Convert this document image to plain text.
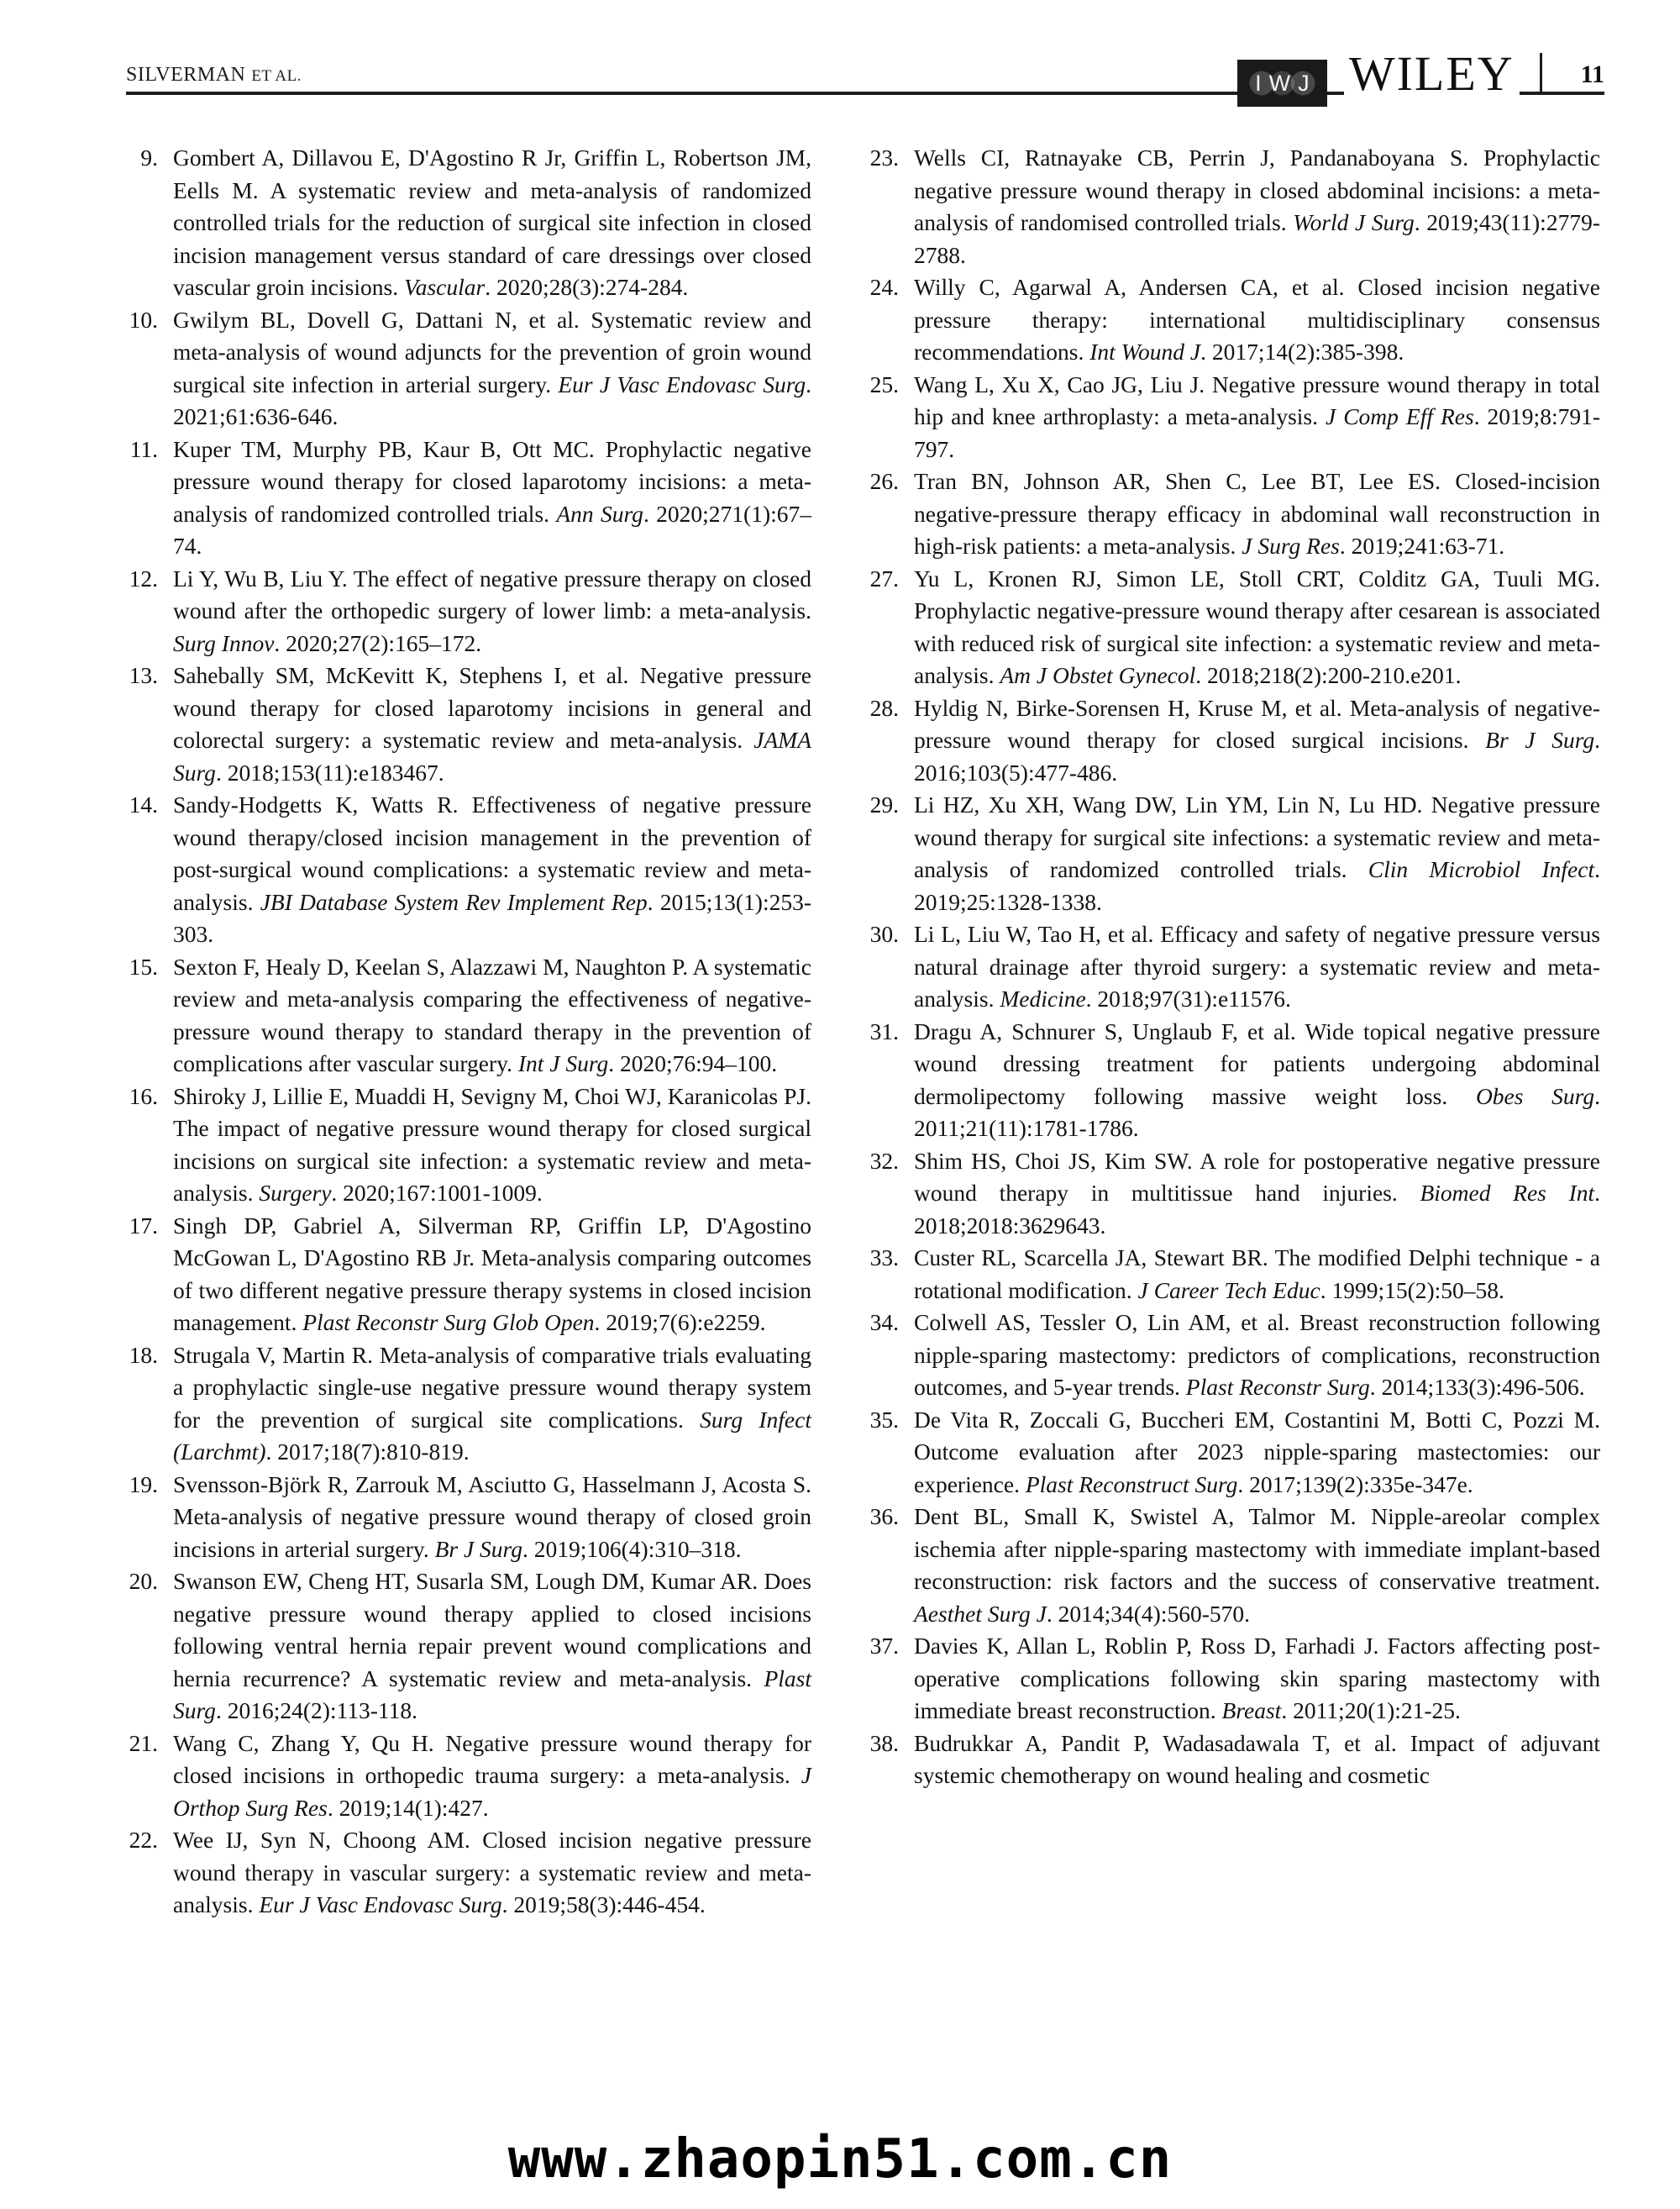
SILVERMAN ET AL.	IWJ WILEY	11
9. Gombert A, Dillavou E, D'Agostino R Jr, Griffin L, Robertson JM, Eells M. A systematic review and meta-analysis of randomized controlled trials for the reduction of surgical site infection in closed incision management versus standard of care dressings over closed vascular groin incisions. Vascular. 2020;28(3):274-284.
10. Gwilym BL, Dovell G, Dattani N, et al. Systematic review and meta-analysis of wound adjuncts for the prevention of groin wound surgical site infection in arterial surgery. Eur J Vasc Endovasc Surg. 2021;61:636-646.
11. Kuper TM, Murphy PB, Kaur B, Ott MC. Prophylactic negative pressure wound therapy for closed laparotomy incisions: a meta-analysis of randomized controlled trials. Ann Surg. 2020;271(1):67–74.
12. Li Y, Wu B, Liu Y. The effect of negative pressure therapy on closed wound after the orthopedic surgery of lower limb: a meta-analysis. Surg Innov. 2020;27(2):165–172.
13. Sahebally SM, McKevitt K, Stephens I, et al. Negative pressure wound therapy for closed laparotomy incisions in general and colorectal surgery: a systematic review and meta-analysis. JAMA Surg. 2018;153(11):e183467.
14. Sandy-Hodgetts K, Watts R. Effectiveness of negative pressure wound therapy/closed incision management in the prevention of post-surgical wound complications: a systematic review and meta-analysis. JBI Database System Rev Implement Rep. 2015;13(1):253-303.
15. Sexton F, Healy D, Keelan S, Alazzawi M, Naughton P. A systematic review and meta-analysis comparing the effectiveness of negative-pressure wound therapy to standard therapy in the prevention of complications after vascular surgery. Int J Surg. 2020;76:94–100.
16. Shiroky J, Lillie E, Muaddi H, Sevigny M, Choi WJ, Karanicolas PJ. The impact of negative pressure wound therapy for closed surgical incisions on surgical site infection: a systematic review and meta-analysis. Surgery. 2020;167:1001-1009.
17. Singh DP, Gabriel A, Silverman RP, Griffin LP, D'Agostino McGowan L, D'Agostino RB Jr. Meta-analysis comparing outcomes of two different negative pressure therapy systems in closed incision management. Plast Reconstr Surg Glob Open. 2019;7(6):e2259.
18. Strugala V, Martin R. Meta-analysis of comparative trials evaluating a prophylactic single-use negative pressure wound therapy system for the prevention of surgical site complications. Surg Infect (Larchmt). 2017;18(7):810-819.
19. Svensson-Björk R, Zarrouk M, Asciutto G, Hasselmann J, Acosta S. Meta-analysis of negative pressure wound therapy of closed groin incisions in arterial surgery. Br J Surg. 2019;106(4):310–318.
20. Swanson EW, Cheng HT, Susarla SM, Lough DM, Kumar AR. Does negative pressure wound therapy applied to closed incisions following ventral hernia repair prevent wound complications and hernia recurrence? A systematic review and meta-analysis. Plast Surg. 2016;24(2):113-118.
21. Wang C, Zhang Y, Qu H. Negative pressure wound therapy for closed incisions in orthopedic trauma surgery: a meta-analysis. J Orthop Surg Res. 2019;14(1):427.
22. Wee IJ, Syn N, Choong AM. Closed incision negative pressure wound therapy in vascular surgery: a systematic review and meta-analysis. Eur J Vasc Endovasc Surg. 2019;58(3):446-454.
23. Wells CI, Ratnayake CB, Perrin J, Pandanaboyana S. Prophylactic negative pressure wound therapy in closed abdominal incisions: a meta-analysis of randomised controlled trials. World J Surg. 2019;43(11):2779-2788.
24. Willy C, Agarwal A, Andersen CA, et al. Closed incision negative pressure therapy: international multidisciplinary consensus recommendations. Int Wound J. 2017;14(2):385-398.
25. Wang L, Xu X, Cao JG, Liu J. Negative pressure wound therapy in total hip and knee arthroplasty: a meta-analysis. J Comp Eff Res. 2019;8:791-797.
26. Tran BN, Johnson AR, Shen C, Lee BT, Lee ES. Closed-incision negative-pressure therapy efficacy in abdominal wall reconstruction in high-risk patients: a meta-analysis. J Surg Res. 2019;241:63-71.
27. Yu L, Kronen RJ, Simon LE, Stoll CRT, Colditz GA, Tuuli MG. Prophylactic negative-pressure wound therapy after cesarean is associated with reduced risk of surgical site infection: a systematic review and meta-analysis. Am J Obstet Gynecol. 2018;218(2):200-210.e201.
28. Hyldig N, Birke-Sorensen H, Kruse M, et al. Meta-analysis of negative-pressure wound therapy for closed surgical incisions. Br J Surg. 2016;103(5):477-486.
29. Li HZ, Xu XH, Wang DW, Lin YM, Lin N, Lu HD. Negative pressure wound therapy for surgical site infections: a systematic review and meta-analysis of randomized controlled trials. Clin Microbiol Infect. 2019;25:1328-1338.
30. Li L, Liu W, Tao H, et al. Efficacy and safety of negative pressure versus natural drainage after thyroid surgery: a systematic review and meta-analysis. Medicine. 2018;97(31):e11576.
31. Dragu A, Schnurer S, Unglaub F, et al. Wide topical negative pressure wound dressing treatment for patients undergoing abdominal dermolipectomy following massive weight loss. Obes Surg. 2011;21(11):1781-1786.
32. Shim HS, Choi JS, Kim SW. A role for postoperative negative pressure wound therapy in multitissue hand injuries. Biomed Res Int. 2018;2018:3629643.
33. Custer RL, Scarcella JA, Stewart BR. The modified Delphi technique - a rotational modification. J Career Tech Educ. 1999;15(2):50–58.
34. Colwell AS, Tessler O, Lin AM, et al. Breast reconstruction following nipple-sparing mastectomy: predictors of complications, reconstruction outcomes, and 5-year trends. Plast Reconstr Surg. 2014;133(3):496-506.
35. De Vita R, Zoccali G, Buccheri EM, Costantini M, Botti C, Pozzi M. Outcome evaluation after 2023 nipple-sparing mastectomies: our experience. Plast Reconstruct Surg. 2017;139(2):335e-347e.
36. Dent BL, Small K, Swistel A, Talmor M. Nipple-areolar complex ischemia after nipple-sparing mastectomy with immediate implant-based reconstruction: risk factors and the success of conservative treatment. Aesthet Surg J. 2014;34(4):560-570.
37. Davies K, Allan L, Roblin P, Ross D, Farhadi J. Factors affecting post-operative complications following skin sparing mastectomy with immediate breast reconstruction. Breast. 2011;20(1):21-25.
38. Budrukkar A, Pandit P, Wadasadawala T, et al. Impact of adjuvant systemic chemotherapy on wound healing and cosmetic
www.zhaopin51.com.cn
